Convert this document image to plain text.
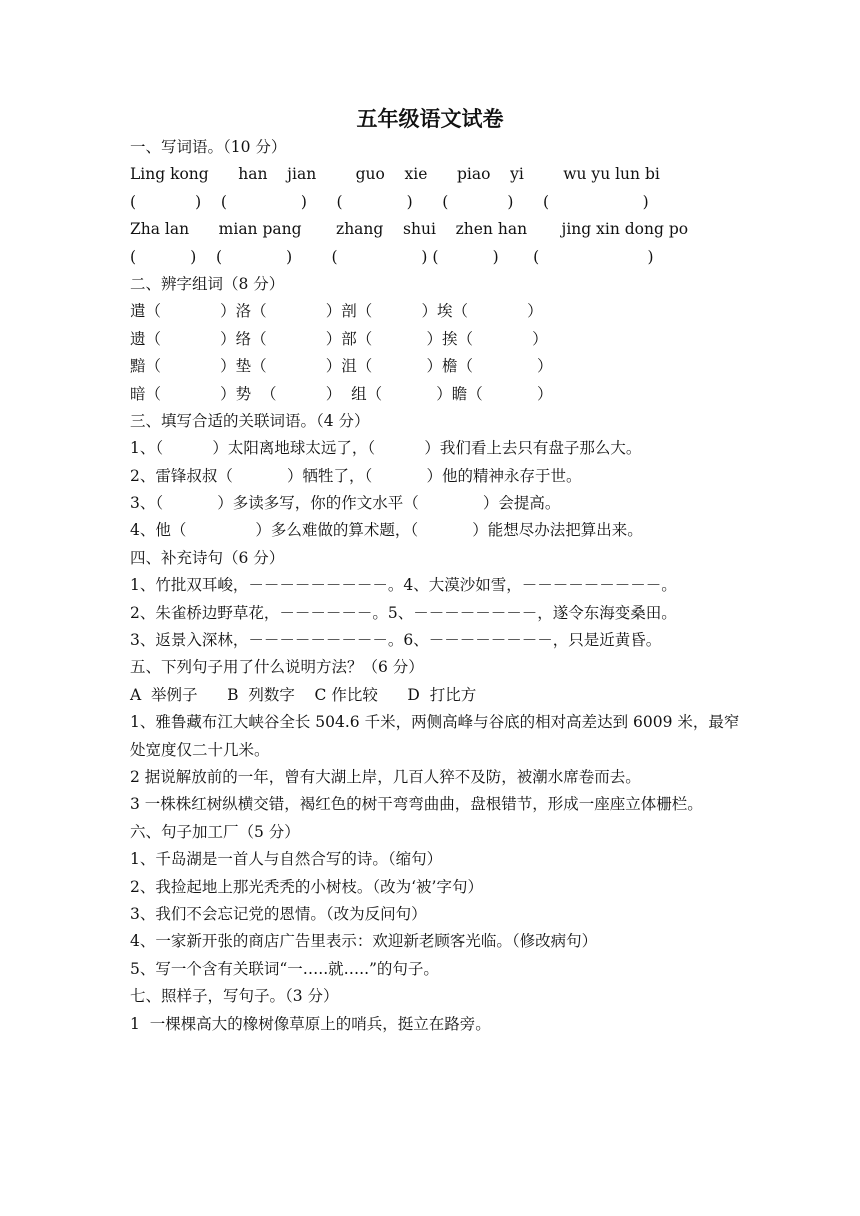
五年级语文试卷
一、写词语。（10 分）
Ling kong      han    jian        guo    xie      piao    yi        wu yu lun bi
(            )    (               )      (             )      (            )      (                   )
Zha lan      mian pang       zhang    shui    zhen han       jing xin dong po
(           )    (             )        (                 ) (           )       (                      )
二、辨字组词（8 分）
遣（            ）洛（            ）剖（          ）埃（            ）
遗（            ）络（            ）部（           ）挨（            ）
黯（            ）垫（            ）沮（           ）檐（             ）
暗（            ）势  （          ）  组（           ）瞻（           ）
三、填写合适的关联词语。（4 分）
1、（          ）太阳离地球太远了，（          ）我们看上去只有盘子那么大。
2、雷锋叔叔（           ）牺牲了，（           ）他的精神永存于世。
3、（           ）多读多写，你的作文水平（             ）会提高。
4、他（              ）多么难做的算术题，（           ）能想尽办法把算出来。
四、补充诗句（6 分）
1、竹批双耳峻，－－－－－－－－－。4、大漠沙如雪，－－－－－－－－－。
2、朱雀桥边野草花，－－－－－－。5、－－－－－－－－，遂令东海变桑田。
3、返景入深林，－－－－－－－－－。6、－－－－－－－－，只是近黄昏。
五、下列句子用了什么说明方法？（6 分）
A  举例子      B  列数字    C 作比较      D  打比方
1、雅鲁藏布江大峡谷全长 504.6 千米，两侧高峰与谷底的相对高差达到 6009 米，最窄处宽度仅二十几米。
2 据说解放前的一年，曾有大湖上岸，几百人猝不及防，被潮水席卷而去。
3 一株株红树纵横交错，褐红色的树干弯弯曲曲，盘根错节，形成一座座立体栅栏。
六、句子加工厂（5 分）
1、千岛湖是一首人与自然合写的诗。（缩句）
2、我捡起地上那光秃秃的小树枝。（改为‘被’字句）
3、我们不会忘记党的恩情。（改为反问句）
4、一家新开张的商店广告里表示：欢迎新老顾客光临。（修改病句）
5、写一个含有关联词“一…..就…..”的句子。
七、照样子，写句子。（3 分）
1  一棵棵高大的橡树像草原上的哨兵，挺立在路旁。
